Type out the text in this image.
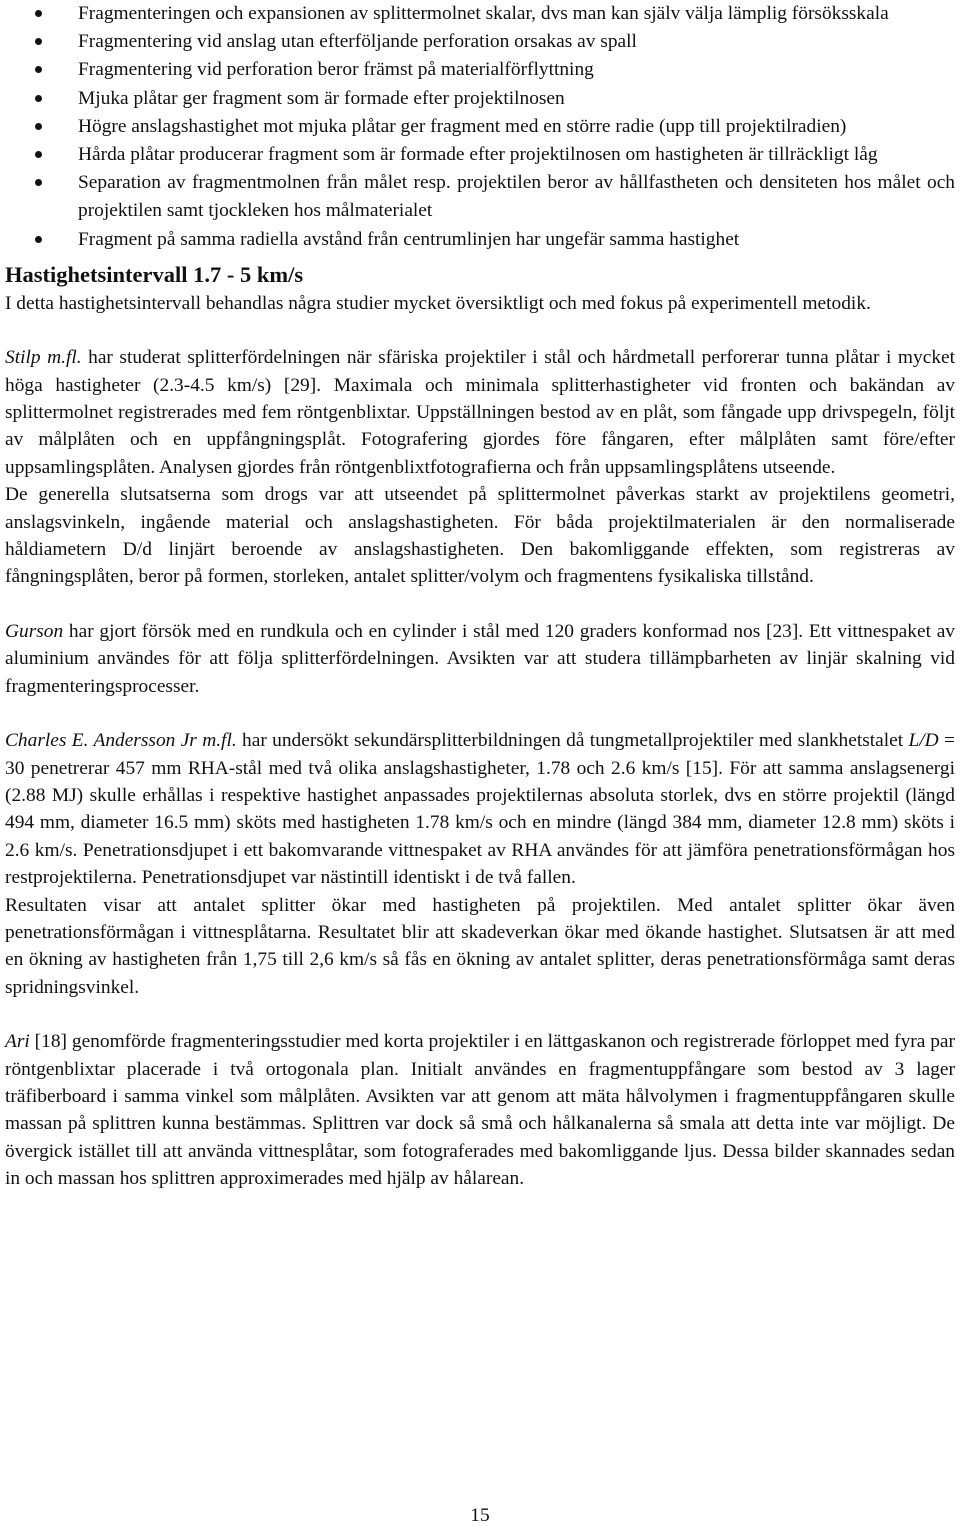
Fragmenteringen och expansionen av splittermolnet skalar, dvs man kan själv välja lämplig försöksskala
Fragmentering vid anslag utan efterföljande perforation orsakas av spall
Fragmentering vid perforation beror främst på materialförflyttning
Mjuka plåtar ger fragment som är formade efter projektilnosen
Högre anslagshastighet mot mjuka plåtar ger fragment med en större radie (upp till projektilradien)
Hårda plåtar producerar fragment som är formade efter projektilnosen om hastigheten är tillräckligt låg
Separation av fragmentmolnen från målet resp. projektilen beror av hållfastheten och densiteten hos målet och projektilen samt tjockleken hos målmaterialet
Fragment på samma radiella avstånd från centrumlinjen har ungefär samma hastighet
Hastighetsintervall 1.7 - 5 km/s

I detta hastighetsintervall behandlas några studier mycket översiktligt och med fokus på experimentell metodik.

Stilp m.fl. har studerat splitterfördelningen när sfäriska projektiler i stål och hårdmetall perforerar tunna plåtar i mycket höga hastigheter (2.3-4.5 km/s) [29]. Maximala och minimala splitterhastigheter vid fronten och bakändan av splittermolnet registrerades med fem röntgenblixtar. Uppställningen bestod av en plåt, som fångade upp drivspegeln, följt av målplåten och en uppfångningsplåt. Fotografering gjordes före fångaren, efter målplåten samt före/efter uppsamlingsplåten. Analysen gjordes från röntgenblixtfotografierna och från uppsamlingsplåtens utseende.

De generella slutsatserna som drogs var att utseendet på splittermolnet påverkas starkt av projektilens geometri, anslagsvinkeln, ingående material och anslagshastigheten. För båda projektilmaterialen är den normaliserade håldiametern D/d linjärt beroende av anslagshastigheten. Den bakomliggande effekten, som registreras av fångningsplåten, beror på formen, storleken, antalet splitter/volym och fragmentens fysikaliska tillstånd.

Gurson har gjort försök med en rundkula och en cylinder i stål med 120 graders konformad nos [23]. Ett vittnespaket av aluminium användes för att följa splitterfördelningen. Avsikten var att studera tillämpbarheten av linjär skalning vid fragmenteringsprocesser.

Charles E. Andersson Jr m.fl. har undersökt sekundärsplitterbildningen då tungmetallprojektiler med slankhetstalet L/D = 30 penetrerar 457 mm RHA-stål med två olika anslagshastigheter, 1.78 och 2.6 km/s [15]. För att samma anslagsenergi (2.88 MJ) skulle erhållas i respektive hastighet anpassades projektilernas absoluta storlek, dvs en större projektil (längd 494 mm, diameter 16.5 mm) sköts med hastigheten 1.78 km/s och en mindre (längd 384 mm, diameter 12.8 mm) sköts i 2.6 km/s. Penetrationsdjupet i ett bakomvarande vittnespaket av RHA användes för att jämföra penetrationsförmågan hos restprojektilerna. Penetrationsdjupet var nästintill identiskt i de två fallen.

Resultaten visar att antalet splitter ökar med hastigheten på projektilen. Med antalet splitter ökar även penetrationsförmågan i vittnesplåtarna. Resultatet blir att skadeverkan ökar med ökande hastighet. Slutsatsen är att med en ökning av hastigheten från 1,75 till 2,6 km/s så fås en ökning av antalet splitter, deras penetrationsförmåga samt deras spridningsvinkel.

Ari [18] genomförde fragmenteringsstudier med korta projektiler i en lättgaskanon och registrerade förloppet med fyra par röntgenblixtar placerade i två ortogonala plan. Initialt användes en fragmentuppfångare som bestod av 3 lager träfiberboard i samma vinkel som målplåten. Avsikten var att genom att mäta hålvolymen i fragmentuppfångaren skulle massan på splittren kunna bestämmas. Splittren var dock så små och hålkanalerna så smala att detta inte var möjligt. De övergick istället till att använda vittnesplåtar, som fotograferades med bakomliggande ljus. Dessa bilder skannades sedan in och massan hos splittren approximerades med hjälp av hålarean.

15
